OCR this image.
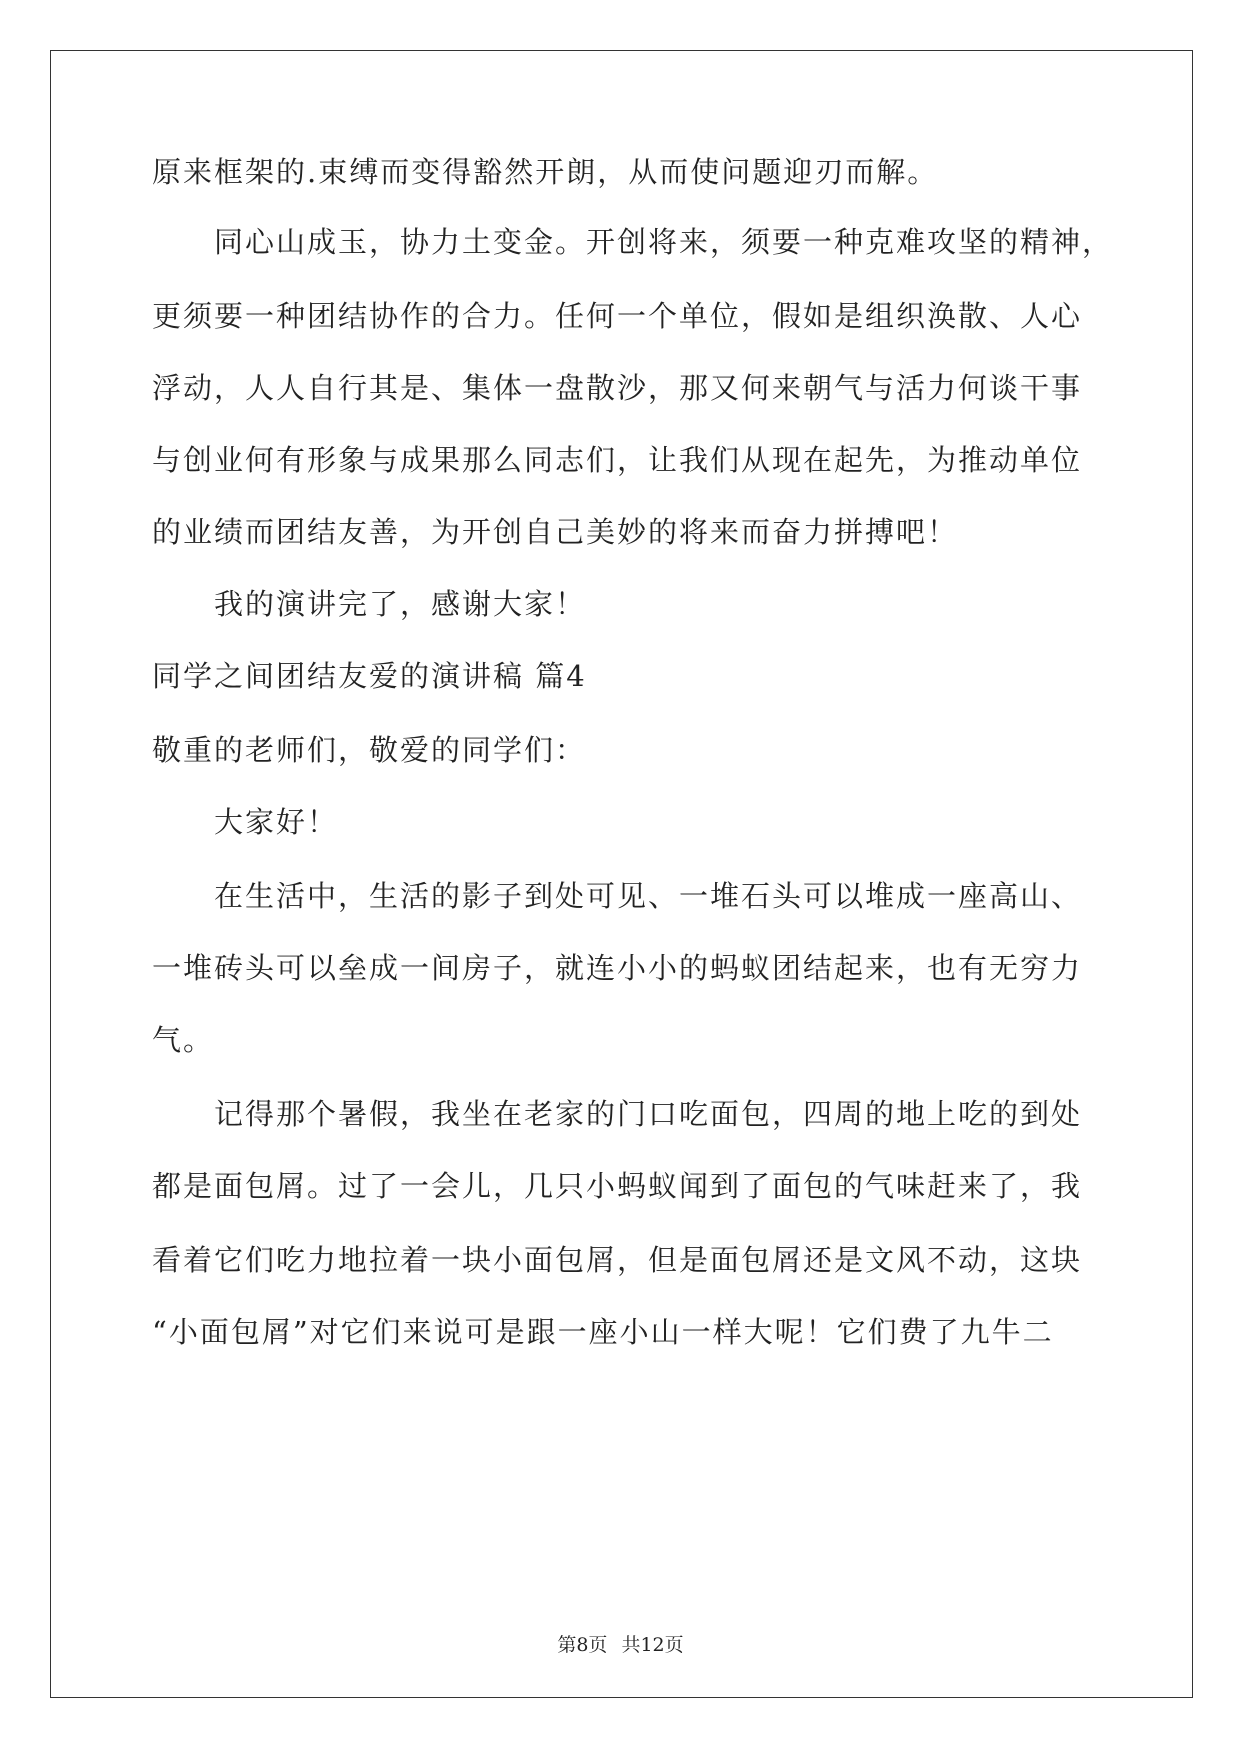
原来框架的.束缚而变得豁然开朗，从而使问题迎刃而解。
同心山成玉，协力土变金。开创将来，须要一种克难攻坚的精神，
更须要一种团结协作的合力。任何一个单位，假如是组织涣散、人心
浮动，人人自行其是、集体一盘散沙，那又何来朝气与活力何谈干事
与创业何有形象与成果那么同志们，让我们从现在起先，为推动单位
的业绩而团结友善，为开创自己美妙的将来而奋力拼搏吧！
我的演讲完了，感谢大家！
同学之间团结友爱的演讲稿 篇4
敬重的老师们，敬爱的同学们：
大家好！
在生活中，生活的影子到处可见、一堆石头可以堆成一座高山、
一堆砖头可以垒成一间房子，就连小小的蚂蚁团结起来，也有无穷力
气。
记得那个暑假，我坐在老家的门口吃面包，四周的地上吃的到处
都是面包屑。过了一会儿，几只小蚂蚁闻到了面包的气味赶来了，我
看着它们吃力地拉着一块小面包屑，但是面包屑还是文风不动，这块
“小面包屑”对它们来说可是跟一座小山一样大呢！它们费了九牛二
第8页 共12页
